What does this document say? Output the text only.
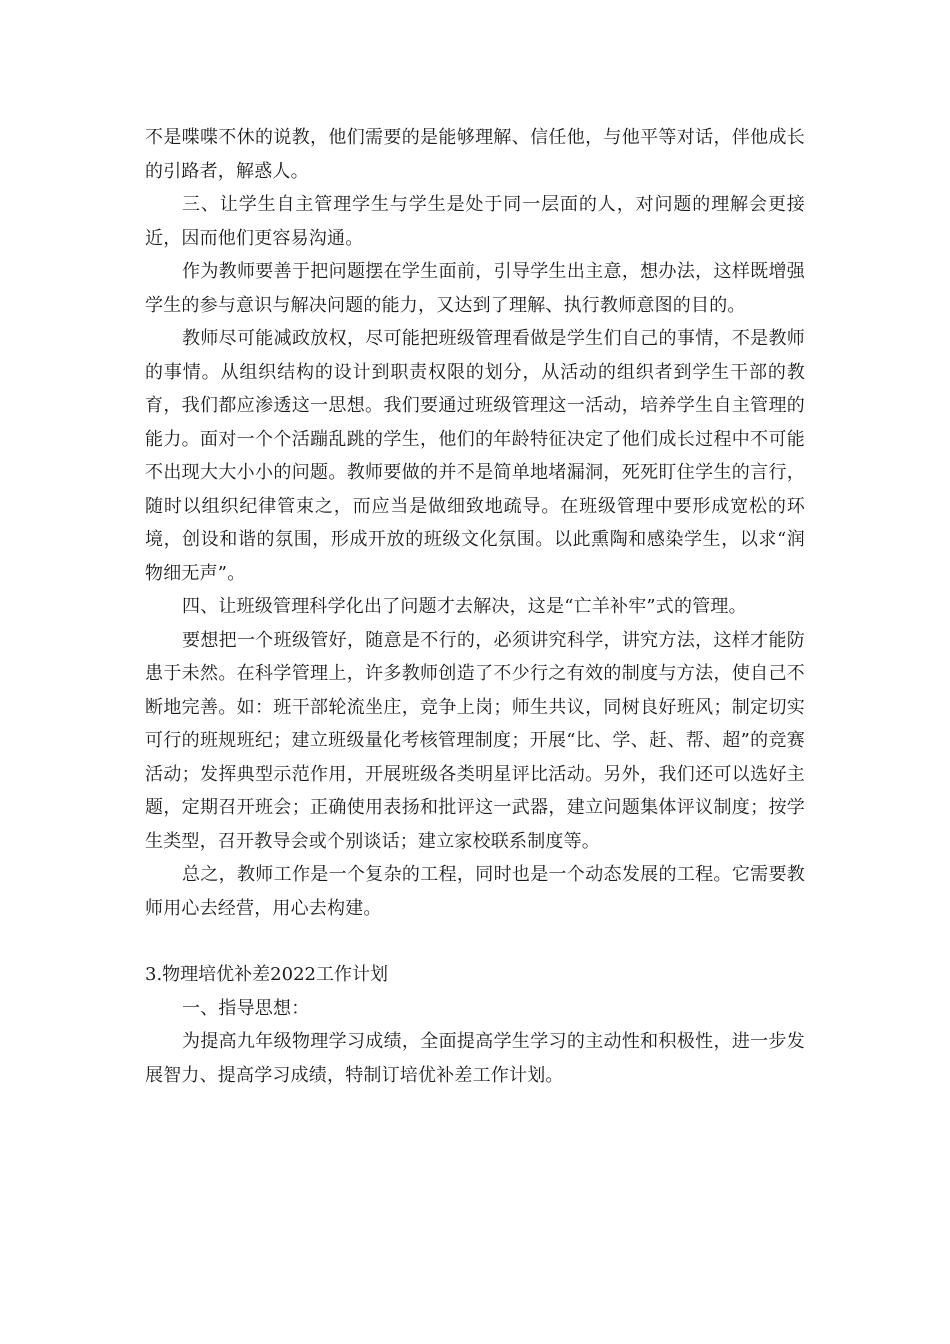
不是喋喋不休的说教，他们需要的是能够理解、信任他，与他平等对话，伴他成长的引路者，解惑人。

三、让学生自主管理学生与学生是处于同一层面的人，对问题的理解会更接近，因而他们更容易沟通。

作为教师要善于把问题摆在学生面前，引导学生出主意，想办法，这样既增强学生的参与意识与解决问题的能力，又达到了理解、执行教师意图的目的。

教师尽可能减政放权，尽可能把班级管理看做是学生们自己的事情，不是教师的事情。从组织结构的设计到职责权限的划分，从活动的组织者到学生干部的教育，我们都应渗透这一思想。我们要通过班级管理这一活动，培养学生自主管理的能力。面对一个个活蹦乱跳的学生，他们的年龄特征决定了他们成长过程中不可能不出现大大小小的问题。教师要做的并不是简单地堵漏洞，死死盯住学生的言行，随时以组织纪律管束之，而应当是做细致地疏导。在班级管理中要形成宽松的环境，创设和谐的氛围，形成开放的班级文化氛围。以此熏陶和感染学生，以求“润物细无声”。

四、让班级管理科学化出了问题才去解决，这是“亡羊补牢”式的管理。

要想把一个班级管好，随意是不行的，必须讲究科学，讲究方法，这样才能防患于未然。在科学管理上，许多教师创造了不少行之有效的制度与方法，使自己不断地完善。如：班干部轮流坐庄，竞争上岗；师生共议，同树良好班风；制定切实可行的班规班纪；建立班级量化考核管理制度；开展“比、学、赶、帮、超”的竞赛活动；发挥典型示范作用，开展班级各类明星评比活动。另外，我们还可以选好主题，定期召开班会；正确使用表扬和批评这一武器，建立问题集体评议制度；按学生类型，召开教导会或个别谈话；建立家校联系制度等。

总之，教师工作是一个复杂的工程，同时也是一个动态发展的工程。它需要教师用心去经营，用心去构建。

3.物理培优补差2022工作计划

一、指导思想：

为提高九年级物理学习成绩，全面提高学生学习的主动性和积极性，进一步发展智力、提高学习成绩，特制订培优补差工作计划。
